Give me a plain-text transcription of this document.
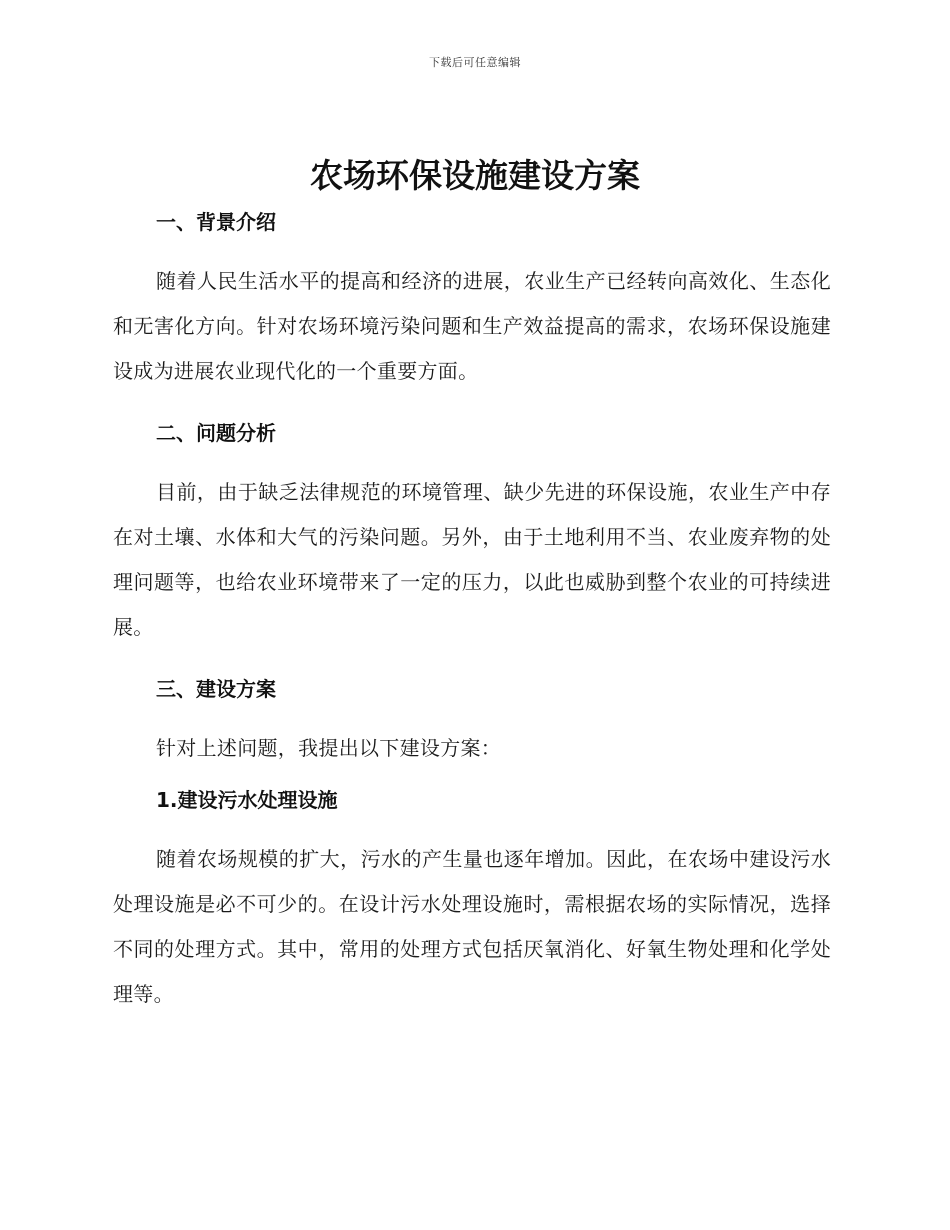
下载后可任意编辑
农场环保设施建设方案
一、背景介绍

随着人民生活水平的提高和经济的进展，农业生产已经转向高效化、生态化和无害化方向。针对农场环境污染问题和生产效益提高的需求，农场环保设施建设成为进展农业现代化的一个重要方面。

二、问题分析

目前，由于缺乏法律规范的环境管理、缺少先进的环保设施，农业生产中存在对土壤、水体和大气的污染问题。另外，由于土地利用不当、农业废弃物的处理问题等，也给农业环境带来了一定的压力，以此也威胁到整个农业的可持续进展。

三、建设方案

针对上述问题，我提出以下建设方案：

1.建设污水处理设施

随着农场规模的扩大，污水的产生量也逐年增加。因此，在农场中建设污水处理设施是必不可少的。在设计污水处理设施时，需根据农场的实际情况，选择不同的处理方式。其中，常用的处理方式包括厌氧消化、好氧生物处理和化学处理等。
